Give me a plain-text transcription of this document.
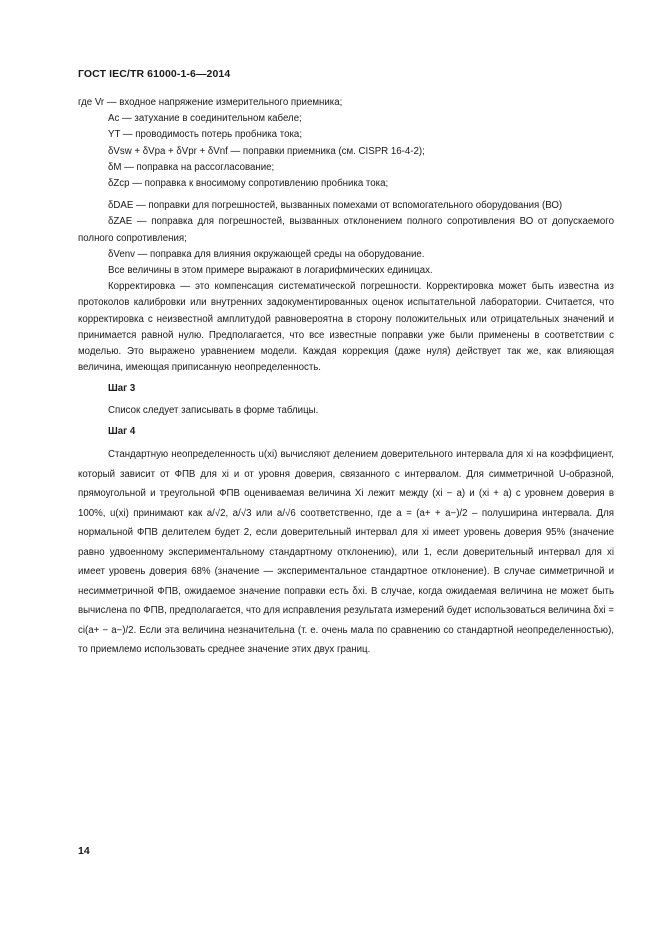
ГОСТ IEC/TR 61000-1-6—2014

где Vr — входное напряжение измерительного приемника;

Ac — затухание в соединительном кабеле;

YT — проводимость потерь пробника тока;

δVsw + δVpa + δVpr + δVnf — поправки приемника (см. CISPR 16-4-2);

δM — поправка на рассогласование;

δZcp — поправка к вносимому сопротивлению пробника тока;

δDAE — поправки для погрешностей, вызванных помехами от вспомогательного оборудования (ВО)

δZAE — поправка для погрешностей, вызванных отклонением полного сопротивления ВО от допускаемого полного сопротивления;

δVenv — поправка для влияния окружающей среды на оборудование.

Все величины в этом примере выражают в логарифмических единицах.

Корректировка — это компенсация систематической погрешности. Корректировка может быть известна из протоколов калибровки или внутренних задокументированных оценок испытательной лаборатории. Считается, что корректировка с неизвестной амплитудой равновероятна в сторону положительных или отрицательных значений и принимается равной нулю. Предполагается, что все известные поправки уже были применены в соответствии с моделью. Это выражено уравнением модели. Каждая коррекция (даже нуля) действует так же, как влияющая величина, имеющая приписанную неопределенность.

Шаг 3

Список следует записывать в форме таблицы.

Шаг 4

Стандартную неопределенность u(xi) вычисляют делением доверительного интервала для xi на коэффициент, который зависит от ФПВ для xi и от уровня доверия, связанного с интервалом. Для симметричной U-образной, прямоугольной и треугольной ФПВ оцениваемая величина Xi лежит между (xi − a) и (xi + a) с уровнем доверия в 100%, u(xi) принимают как a/√2, a/√3 или a/√6 соответственно, где a = (a+ + a−)/2 – полуширина интервала. Для нормальной ФПВ делителем будет 2, если доверительный интервал для xi имеет уровень доверия 95% (значение равно удвоенному экспериментальному стандартному отклонению), или 1, если доверительный интервал для xi имеет уровень доверия 68% (значение — экспериментальное стандартное отклонение). В случае симметричной и несимметричной ФПВ, ожидаемое значение поправки есть δxi. В случае, когда ожидаемая величина не может быть вычислена по ФПВ, предполагается, что для исправления результата измерений будет использоваться величина δxi = ci(a+ − a−)/2. Если эта величина незначительна (т. е. очень мала по сравнению со стандартной неопределенностью), то приемлемо использовать среднее значение этих двух границ.

14
